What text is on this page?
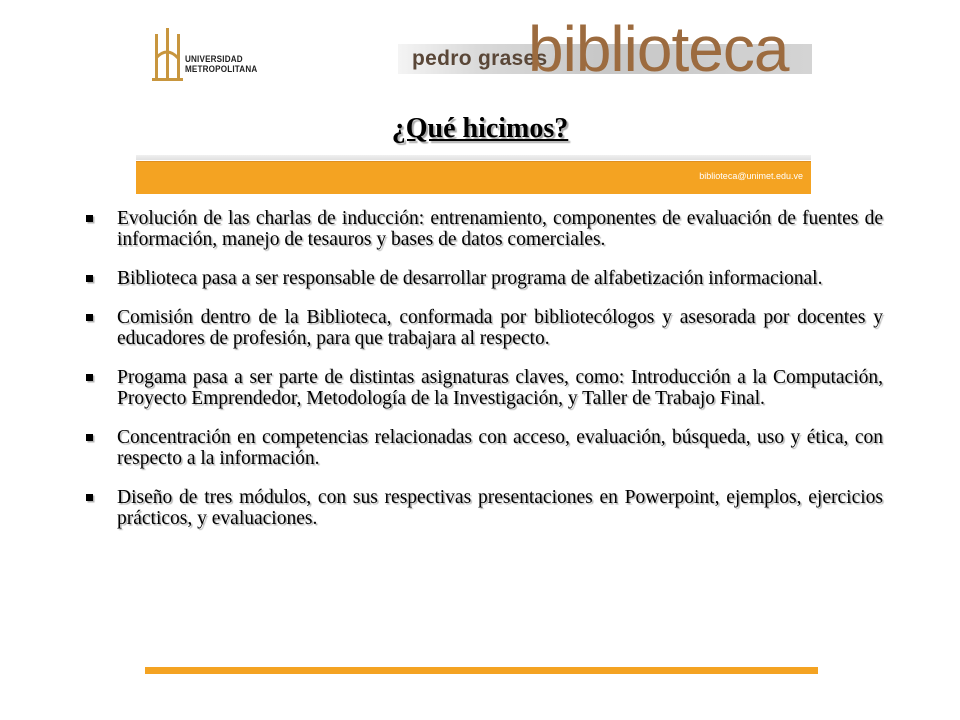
UNIVERSIDAD
METROPOLITANA	pedro grases
biblioteca
¿Qué hicimos?
biblioteca@unimet.edu.ve
Evolución de las charlas de inducción: entrenamiento, componentes de evaluación de fuentes de información, manejo de tesauros y bases de datos comerciales.
Biblioteca pasa a ser responsable de desarrollar programa de alfabetización informacional.
Comisión dentro de la Biblioteca, conformada por bibliotecólogos y asesorada por docentes y educadores de profesión, para que trabajara al respecto.
Progama pasa a ser parte de distintas asignaturas claves, como: Introducción a la Computación, Proyecto Emprendedor, Metodología de la Investigación, y Taller de Trabajo Final.
Concentración en competencias relacionadas con acceso, evaluación, búsqueda, uso y ética, con respecto a la información.
Diseño de tres módulos, con sus respectivas presentaciones en Powerpoint, ejemplos, ejercicios prácticos, y evaluaciones.
